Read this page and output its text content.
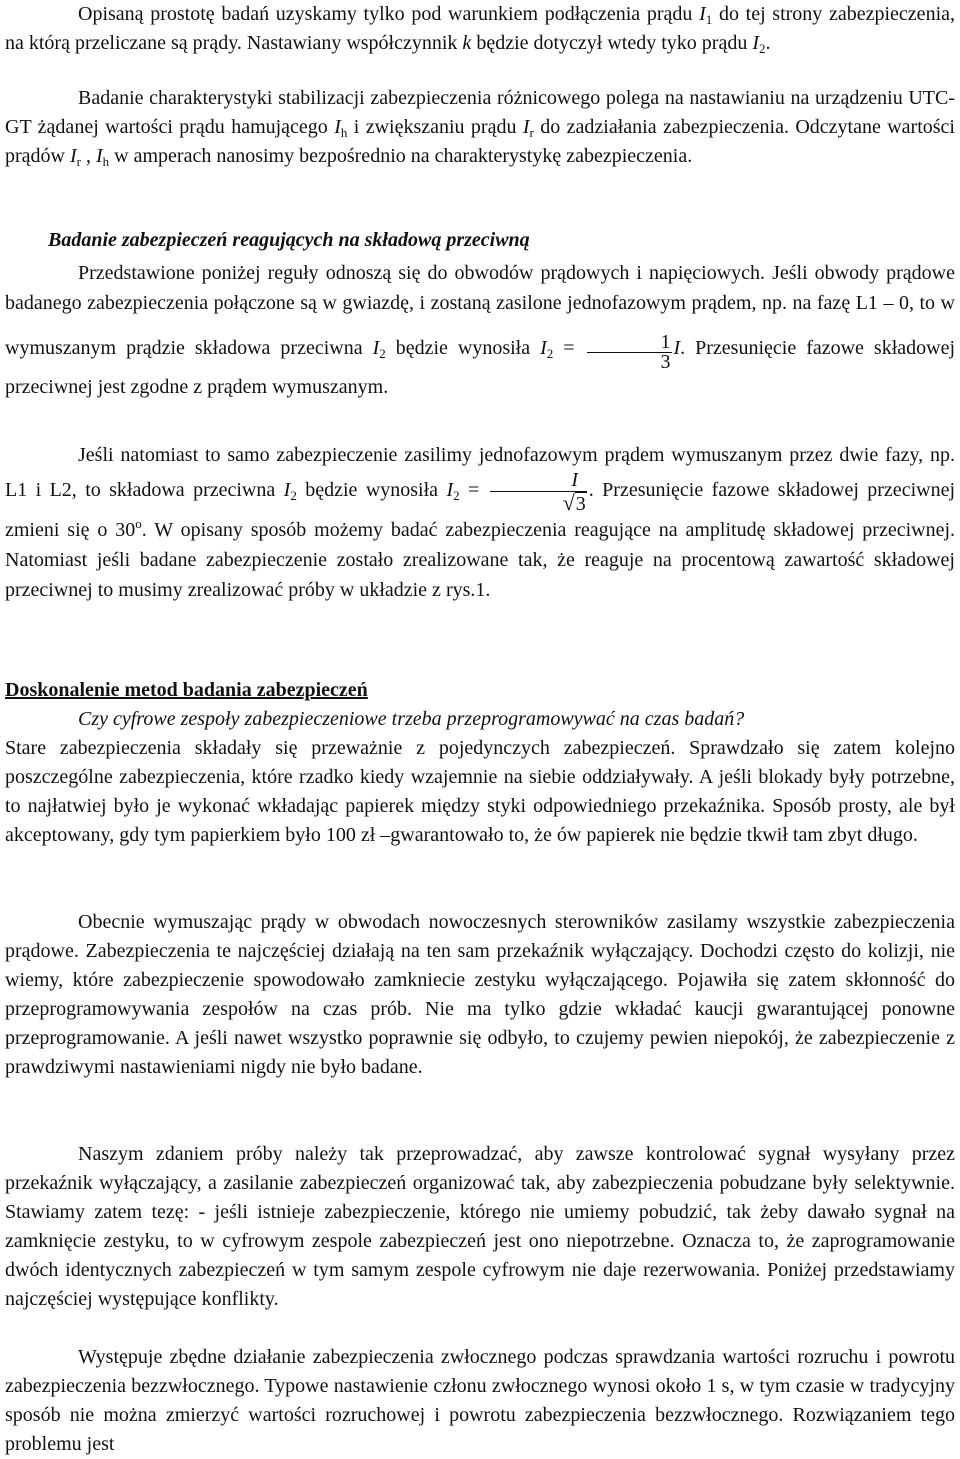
Opisaną prostotę badań uzyskamy tylko pod warunkiem podłączenia prądu $I_1$ do tej strony zabezpieczenia, na którą przeliczane są prądy. Nastawiany współczynnik k będzie dotyczył wtedy tyko prądu $I_2$.

Badanie charakterystyki stabilizacji zabezpieczenia różnicowego polega na nastawianiu na urządzeniu UTC-GT żądanej wartości prądu hamującego $I_h$ i zwiększaniu prądu $I_r$ do zadziałania zabezpieczenia. Odczytane wartości prądów $I_r$ , $I_h$ w amperach nanosimy bezpośrednio na charakterystykę zabezpieczenia.

Badanie zabezpieczeń reagujących na składową przeciwną

Przedstawione poniżej reguły odnoszą się do obwodów prądowych i napięciowych. Jeśli obwody prądowe badanego zabezpieczenia połączone są w gwiazdę, i zostaną zasilone jednofazowym prądem, np. na fazę L1 – 0, to w wymuszanym prądzie składowa przeciwna $I_2$ będzie wynosiła $I_2 = \frac{1}{3} I$. Przesunięcie fazowe składowej przeciwnej jest zgodne z prądem wymuszanym.

Jeśli natomiast to samo zabezpieczenie zasilimy jednofazowym prądem wymuszanym przez dwie fazy, np. L1 i L2, to składowa przeciwna $I_2$ będzie wynosiła $I_2 = \frac{I}{√3}$ . Przesunięcie fazowe składowej przeciwnej zmieni się o 30$^o$. W opisany sposób możemy badać zabezpieczenia reagujące na amplitudę składowej przeciwnej. Natomiast jeśli badane zabezpieczenie zostało zrealizowane tak, że reaguje na procentową zawartość składowej przeciwnej to musimy zrealizować próby w układzie z rys.1.

Doskonalenie metod badania zabezpieczeń

Czy cyfrowe zespoły zabezpieczeniowe trzeba przeprogramowywać na czas badań?

Stare zabezpieczenia składały się przeważnie z pojedynczych zabezpieczeń. Sprawdzało się zatem kolejno poszczególne zabezpieczenia, które rzadko kiedy wzajemnie na siebie oddziaływały. A jeśli blokady były potrzebne, to najłatwiej było je wykonać wkładając papierek między styki odpowiedniego przekaźnika. Sposób prosty, ale był akceptowany, gdy tym papierkiem było 100 zł –gwarantowało to, że ów papierek nie będzie tkwił tam zbyt długo.

Obecnie wymuszając prądy w obwodach nowoczesnych sterowników zasilamy wszystkie zabezpieczenia prądowe. Zabezpieczenia te najczęściej działają na ten sam przekaźnik wyłączający. Dochodzi często do kolizji, nie wiemy, które zabezpieczenie spowodowało zamkniecie zestyku wyłączającego. Pojawiła się zatem skłonność do przeprogramowywania zespołów na czas prób. Nie ma tylko gdzie wkładać kaucji gwarantującej ponowne przeprogramowanie. A jeśli nawet wszystko poprawnie się odbyło, to czujemy pewien niepokój, że zabezpieczenie z prawdziwymi nastawieniami nigdy nie było badane.

Naszym zdaniem próby należy tak przeprowadzać, aby zawsze kontrolować sygnał wysyłany przez przekaźnik wyłączający, a zasilanie zabezpieczeń organizować tak, aby zabezpieczenia pobudzane były selektywnie. Stawiamy zatem tezę: - jeśli istnieje zabezpieczenie, którego nie umiemy pobudzić, tak żeby dawało sygnał na zamknięcie zestyku, to w cyfrowym zespole zabezpieczeń jest ono niepotrzebne. Oznacza to, że zaprogramowanie dwóch identycznych zabezpieczeń w tym samym zespole cyfrowym nie daje rezerwowania. Poniżej przedstawiamy najczęściej występujące konflikty.

Występuje zbędne działanie zabezpieczenia zwłocznego podczas sprawdzania wartości rozruchu i powrotu zabezpieczenia bezzwłocznego. Typowe nastawienie członu zwłocznego wynosi około 1 s, w tym czasie w tradycyjny sposób nie można zmierzyć wartości rozruchowej i powrotu zabezpieczenia bezzwłocznego. Rozwiązaniem tego problemu jest
